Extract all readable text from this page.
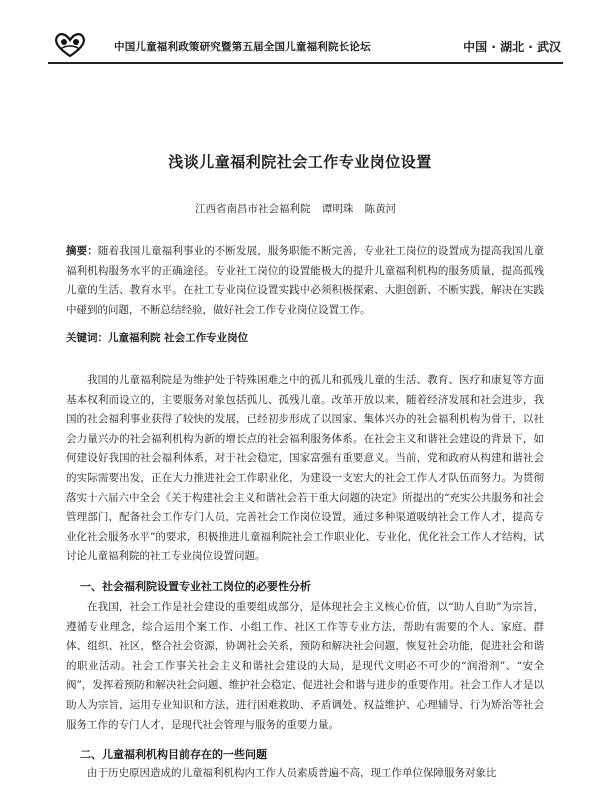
中国儿童福利政策研究暨第五届全国儿童福利院长论坛	中国 · 湖北 · 武汉
浅谈儿童福利院社会工作专业岗位设置
江西省南昌市社会福利院 谭明珠 陈黄河
摘要：随着我国儿童福利事业的不断发展，服务职能不断完善，专业社工岗位的设置成为提高我国儿童福利机构服务水平的正确途径。专业社工岗位的设置能极大的提升儿童福利机构的服务质量，提高孤残儿童的生活、教育水平。在社工专业岗位设置实践中必须积极探索、大胆创新、不断实践，解决在实践中碰到的问题，不断总结经验，做好社会工作专业岗位设置工作。
关键词：儿童福利院 社会工作专业岗位
我国的儿童福利院是为维护处于特殊困难之中的孤儿和孤残儿童的生活、教育、医疗和康复等方面基本权利而设立的，主要服务对象包括孤儿、孤残儿童。改革开放以来，随着经济发展和社会进步，我国的社会福利事业获得了较快的发展，已经初步形成了以国家、集体兴办的社会福利机构为骨干，以社会力量兴办的社会福利机构为新的增长点的社会福利服务体系。在社会主义和谐社会建设的背景下，如何建设好我国的社会福利体系，对于社会稳定，国家富强有重要意义。当前，党和政府从构建和谐社会的实际需要出发，正在大力推进社会工作职业化，为建设一支宏大的社会工作人才队伍而努力。为贯彻落实十六届六中全会《关于构建社会主义和谐社会若干重大问题的决定》所提出的“充实公共服务和社会管理部门，配备社会工作专门人员，完善社会工作岗位设置，通过多种渠道吸纳社会工作人才，提高专业化社会服务水平”的要求，积极推进儿童福利院社会工作职业化、专业化，优化社会工作人才结构，试讨论儿童福利院的社工专业岗位设置问题。
一、社会福利院设置专业社工岗位的必要性分析
在我国，社会工作是社会建设的重要组成部分，是体现社会主义核心价值，以“助人自助”为宗旨，遵循专业理念，综合运用个案工作、小组工作、社区工作等专业方法，帮助有需要的个人、家庭、群体、组织、社区，整合社会资源，协调社会关系，预防和解决社会问题，恢复社会功能，促进社会和谐的职业活动。社会工作事关社会主义和谐社会建设的大局，是现代文明必不可少的“润滑剂”、“安全阀”，发挥着预防和解决社会问题、维护社会稳定、促进社会和谐与进步的重要作用。社会工作人才是以助人为宗旨，运用专业知识和方法，进行困难救助、矛盾调处、权益维护、心理辅导、行为矫治等社会服务工作的专门人才，是现代社会管理与服务的重要力量。
二、儿童福利机构目前存在的一些问题
由于历史原因造成的儿童福利机构内工作人员素质普遍不高，现工作单位保障服务对象比
